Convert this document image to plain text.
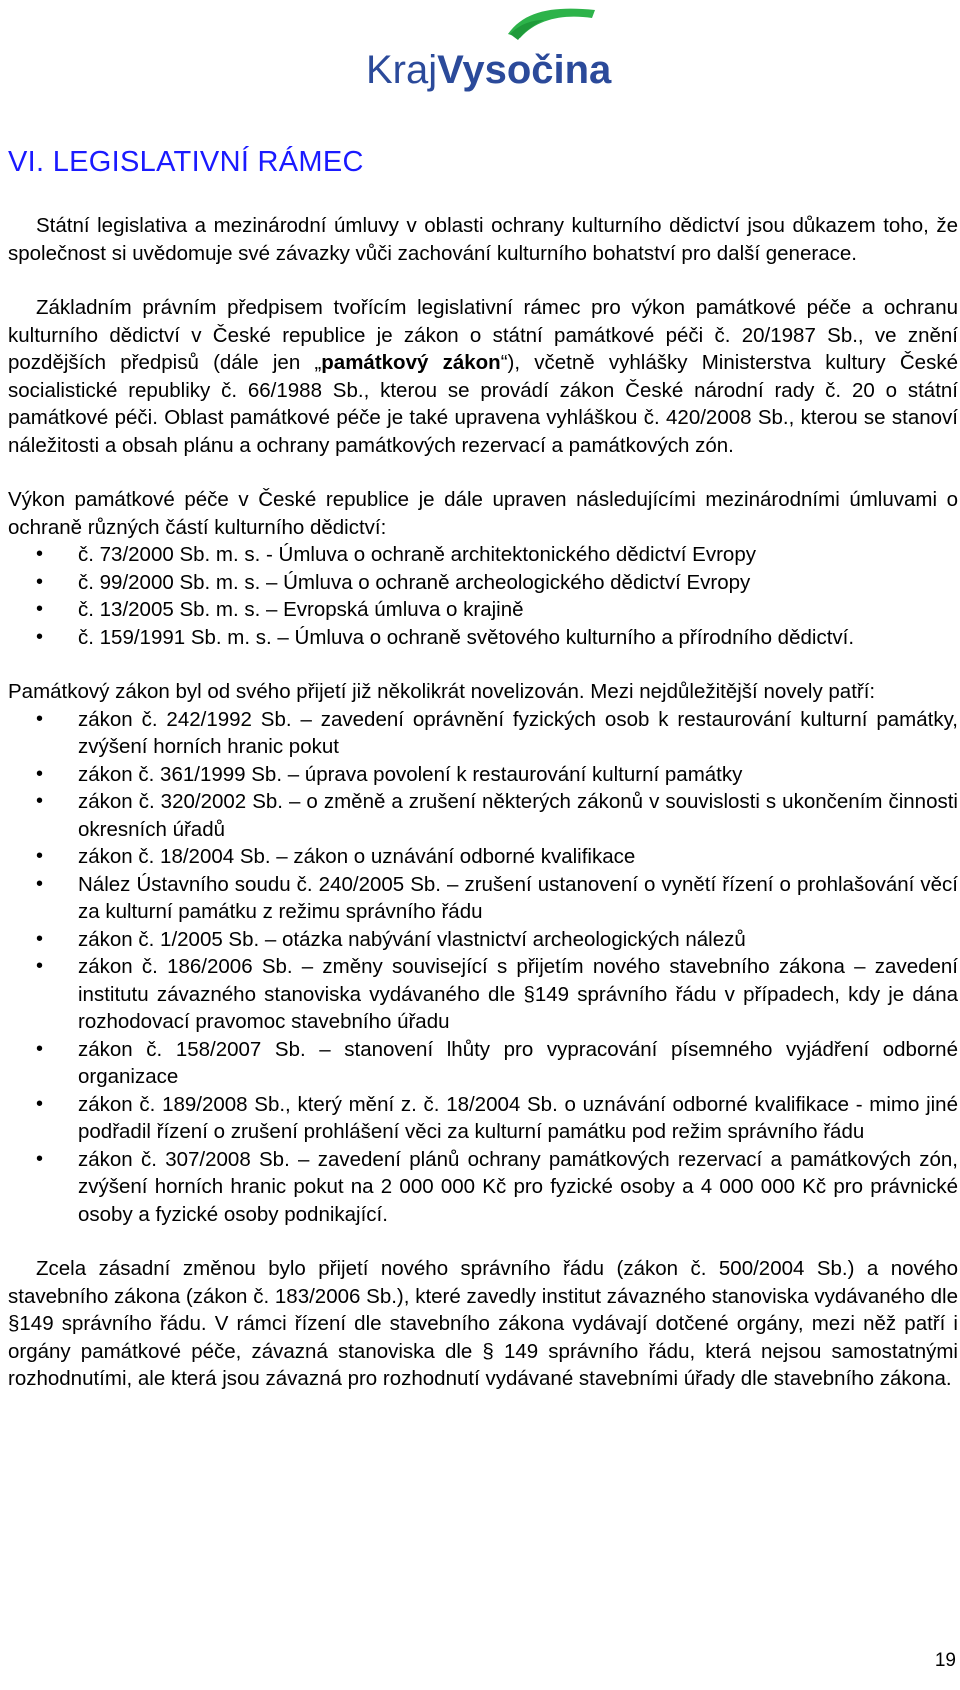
KrajVysočina
VI. LEGISLATIVNÍ RÁMEC

Státní legislativa a mezinárodní úmluvy v oblasti ochrany kulturního dědictví jsou důkazem toho, že společnost si uvědomuje své závazky vůči zachování kulturního bohatství pro další generace.

Základním právním předpisem tvořícím legislativní rámec pro výkon památkové péče a ochranu kulturního dědictví v České republice je zákon o státní památkové péči č. 20/1987 Sb., ve znění pozdějších předpisů (dále jen „památkový zákon“), včetně vyhlášky Ministerstva kultury České socialistické republiky č. 66/1988 Sb., kterou se provádí zákon České národní rady č. 20 o státní památkové péči. Oblast památkové péče je také upravena vyhláškou č. 420/2008 Sb., kterou se stanoví náležitosti a obsah plánu a ochrany památkových rezervací a památkových zón.

Výkon památkové péče v České republice je dále upraven následujícími mezinárodními úmluvami o ochraně různých částí kulturního dědictví:

• č. 73/2000 Sb. m. s. - Úmluva o ochraně architektonického dědictví Evropy
• č. 99/2000 Sb. m. s. – Úmluva o ochraně archeologického dědictví Evropy
• č. 13/2005 Sb. m. s. – Evropská úmluva o krajině
• č. 159/1991 Sb. m. s. – Úmluva o ochraně světového kulturního a přírodního dědictví.

Památkový zákon byl od svého přijetí již několikrát novelizován. Mezi nejdůležitější novely patří:

• zákon č. 242/1992 Sb. – zavedení oprávnění fyzických osob k restaurování kulturní památky, zvýšení horních hranic pokut
• zákon č. 361/1999 Sb. – úprava povolení k restaurování kulturní památky
• zákon č. 320/2002 Sb. – o změně a zrušení některých zákonů v souvislosti s ukončením činnosti okresních úřadů
• zákon č. 18/2004 Sb. – zákon o uznávání odborné kvalifikace
• Nález Ústavního soudu č. 240/2005 Sb. – zrušení ustanovení o vynětí řízení o prohlašování věcí za kulturní památku z režimu správního řádu
• zákon č. 1/2005 Sb. – otázka nabývání vlastnictví archeologických nálezů
• zákon č. 186/2006 Sb. – změny související s přijetím nového stavebního zákona – zavedení institutu závazného stanoviska vydávaného dle §149 správního řádu v případech, kdy je dána rozhodovací pravomoc stavebního úřadu
• zákon č. 158/2007 Sb. – stanovení lhůty pro vypracování písemného vyjádření odborné organizace
• zákon č. 189/2008 Sb., který mění z. č. 18/2004 Sb. o uznávání odborné kvalifikace - mimo jiné podřadil řízení o zrušení prohlášení věci za kulturní památku pod režim správního řádu
• zákon č. 307/2008 Sb. – zavedení plánů ochrany památkových rezervací a památkových zón, zvýšení horních hranic pokut na 2 000 000 Kč pro fyzické osoby a 4 000 000 Kč pro právnické osoby a fyzické osoby podnikající.

Zcela zásadní změnou bylo přijetí nového správního řádu (zákon č. 500/2004 Sb.) a nového stavebního zákona (zákon č. 183/2006 Sb.), které zavedly institut závazného stanoviska vydávaného dle §149 správního řádu. V rámci řízení dle stavebního zákona vydávají dotčené orgány, mezi něž patří i orgány památkové péče, závazná stanoviska dle § 149 správního řádu, která nejsou samostatnými rozhodnutími, ale která jsou závazná pro rozhodnutí vydávané stavebními úřady dle stavebního zákona.

19
